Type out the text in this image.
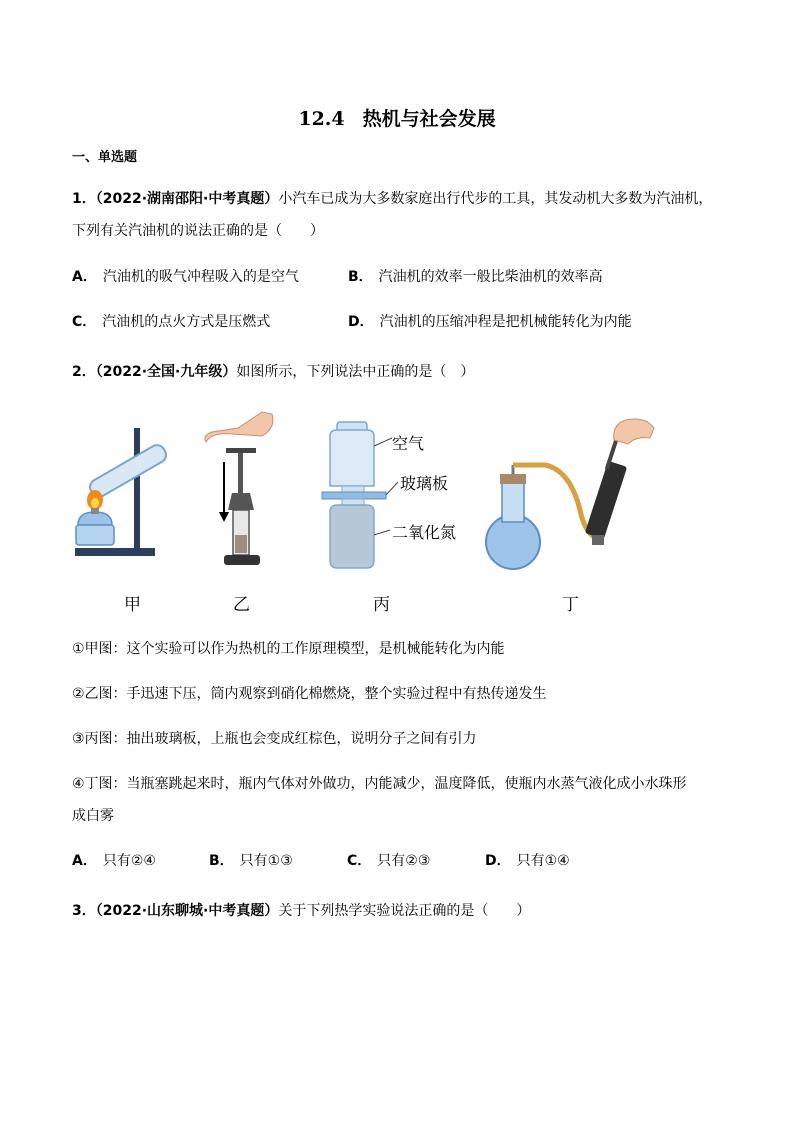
12.4 热机与社会发展
一、单选题
1．（2022·湖南邵阳·中考真题）小汽车已成为大多数家庭出行代步的工具，其发动机大多数为汽油机，
下列有关汽油机的说法正确的是（　　）
A． 汽油机的吸气冲程吸入的是空气	B． 汽油机的效率一般比柴油机的效率高
C． 汽油机的点火方式是压燃式	D． 汽油机的压缩冲程是把机械能转化为内能
2．（2022·全国·九年级）如图所示，下列说法中正确的是（　）
空气
玻璃板
二氧化氮
甲	乙	丙	丁
①甲图：这个实验可以作为热机的工作原理模型，是机械能转化为内能
②乙图：手迅速下压，筒内观察到硝化棉燃烧，整个实验过程中有热传递发生
③丙图：抽出玻璃板，上瓶也会变成红棕色，说明分子之间有引力
④丁图：当瓶塞跳起来时，瓶内气体对外做功，内能减少，温度降低，使瓶内水蒸气液化成小水珠形
成白雾
A． 只有②④	B． 只有①③	C． 只有②③	D． 只有①④
3．（2022·山东聊城·中考真题）关于下列热学实验说法正确的是（　　）
